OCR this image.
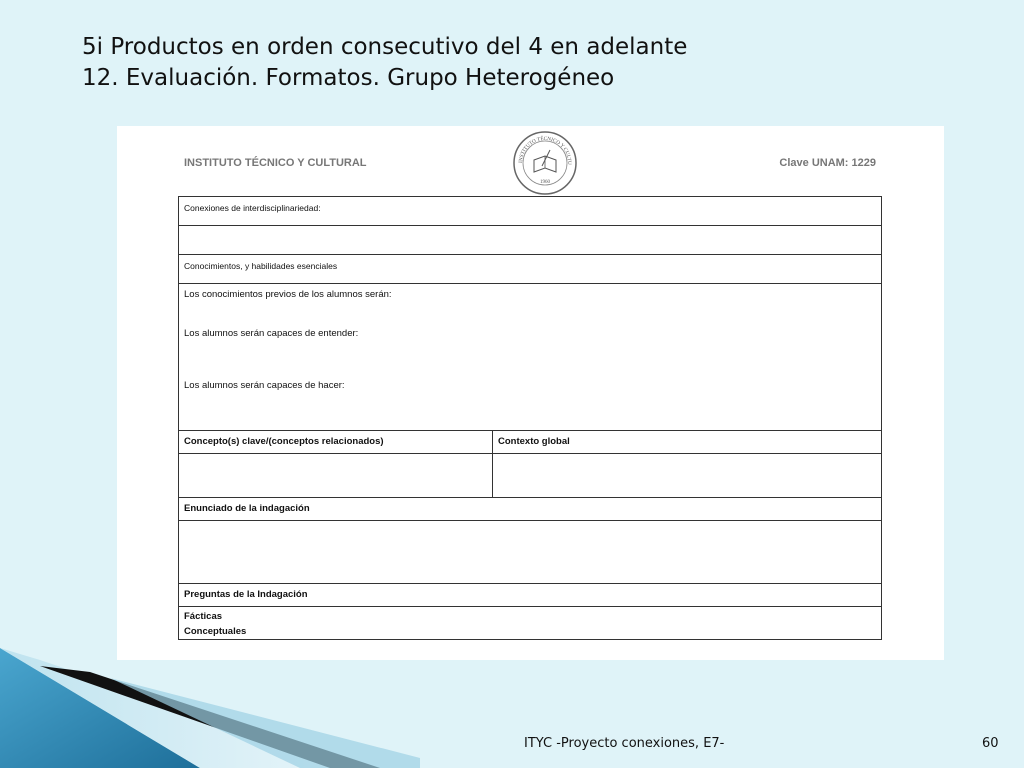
5i Productos en orden consecutivo del 4 en adelante
12. Evaluación. Formatos. Grupo Heterogéneo
INSTITUTO TÉCNICO Y CULTURAL	INSTITUTO TÉCNICO Y CULTU
1960
Clave UNAM: 1229
Conexiones de interdisciplinariedad:
Conocimientos, y habilidades esenciales
Los conocimientos previos de los alumnos serán:
Los alumnos serán capaces de entender:
Los alumnos serán capaces de hacer:
Concepto(s) clave/(conceptos relacionados)	Contexto global
Enunciado de la indagación
Preguntas de la Indagación
Fácticas
Conceptuales
ITYC -Proyecto conexiones, E7-	60
